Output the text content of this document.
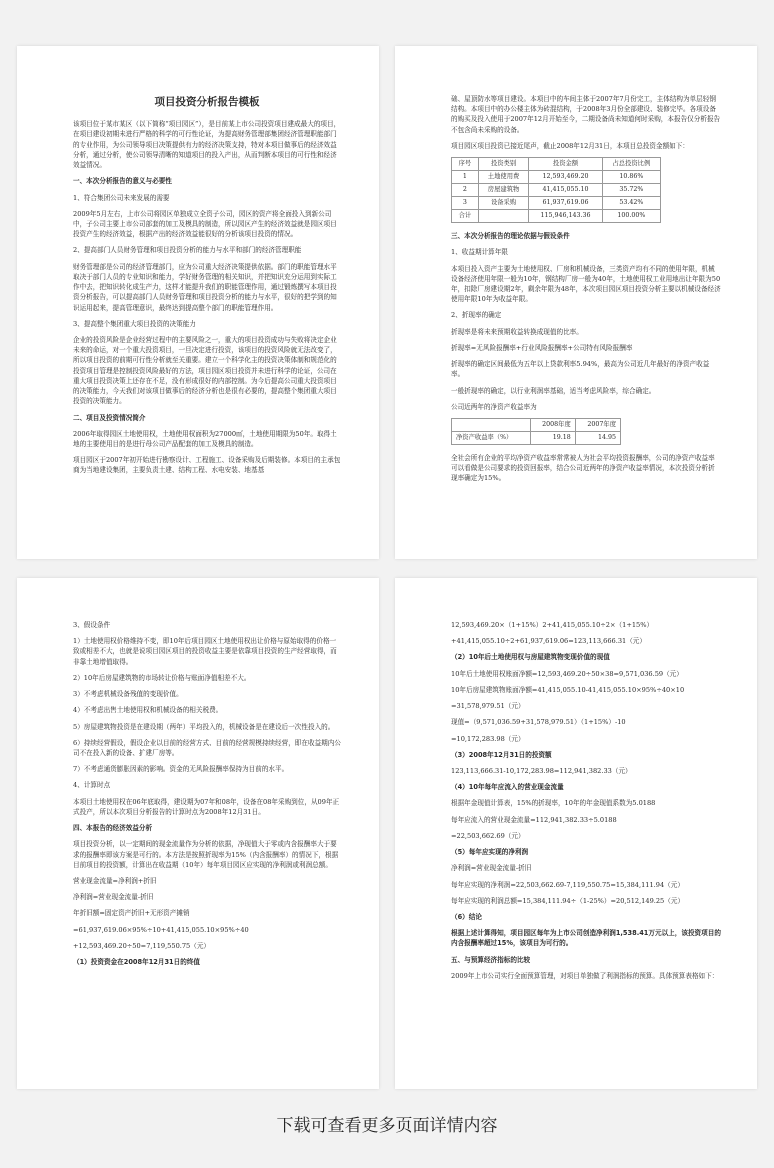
项目投资分析报告模板

该项目位于某市某区（以下简称“项目园区”），是目前某上市公司投资项目建成最大的项目，在项目建设初期未进行严格的科学的可行性论证，为提高财务管理部集团经济管理职能部门的专业作用，为公司领导项目决策提供有力的经济决策支持，特对本项目做事后的经济效益分析，通过分析，使公司领导清晰的知道项目的投入产出，从而判断本项目的可行性和经济效益情况。

一、本次分析报告的意义与必要性

1、符合集团公司未来发展的需要

2009年5月左右，上市公司将园区单独成立全资子公司，园区的资产将全面投入到新公司中，子公司主要上市公司部套的加工及模具的制造，所以园区产生的经济效益就是园区项目投资产生的经济效益，根据产出的经济效益能很好的分析该项目投资的情况。

2、提高部门人员财务管理和项目投资分析的能力与水平和部门的经济管理职能

财务管理部是公司的经济管理部门，应为公司重大经济决策提供依据。部门的职能管理水平取决于部门人员的专业知识和能力，学好财务管理的相关知识，并把知识充分运用到实际工作中去，把知识转化成生产力，这样才能提升我们的职能管理作用，通过锻炼撰写本项目投资分析报告，可以提高部门人员财务管理和项目投资分析的能力与水平，很好的把学到的知识运用起来，提高管理意识，最终达到提高整个部门的职能管理作用。

3、提高整个集团重大项目投资的决策能力

企业的投资风险是企业经营过程中的主要风险之一，重大的项目投资成功与失败将决定企业未来的命运，对一个重大投资项目，一旦决定进行投资，该项目的投资风险就无法改变了，所以项目投资的前期可行性分析就至关重要。建立一个科学化主的投资决策体制和规范化的投资项目管理是控制投资风险最好的方法，项目园区项目投资并未进行科学的论证，公司在重大项目投资决策上还存在不足，没有形成很好的内部控制。为今后提高公司重大投资项目的决策能力，今天我们对该项目做事后的经济分析也是很有必要的，提高整个集团重大项目投资的决策能力。

二、项目及投资情况简介

2006年取得园区土地使用权，土地使用权面积为27000㎡，土地使用期限为50年。取得土地的主要使用目的是进行母公司产品配套的加工及模具的制造。

项目园区于2007年初开始进行勘察设计、工程施工、设备采购及后期装修。本项目的主承包商为当地建设集团，主要负责土建、结构工程、水电安装、地基基

础、屋顶防水等项目建设。本项目中的车间主体于2007年7月份完工，主体结构为单层轻钢结构。本项目中的办公楼主体为砖混结构，于2008年3月份全部建设、装修完毕。各项设备的购买及投入使用于2007年12月开始至今，二期设备尚未知道何时采购，本报告仅分析报告不包含尚未采购的设备。

项目园区项目投资已接近尾声，截止2008年12月31日，本项目总投资金额如下：

序号	投资类别	投资金额	占总投资比例
1	土地使用费	12,593,469.20	10.86%
2	房屋建筑物	41,415,055.10	35.72%
3	设备采购	61,937,619.06	53.42%
合计		115,946,143.36	100.00%
三、本次分析报告的理论依据与假设条件

1、收益期计算年限

本项目投入资产主要为土地使用权、厂房和机械设备，三类资产均有不同的使用年限，机械设备经济使用年限一般为10年，钢结构厂房一般为40年，土地使用权工业用地出让年限为50年，扣除厂房建设期2年，剩余年限为48年，本次项目园区项目投资分析主要以机械设备经济使用年限10年为收益年限。

2、折现率的确定

折现率是将未来预期收益转换成现值的比率。

折现率=无风险报酬率+行业风险报酬率+公司特有风险报酬率

折现率的确定区间最低为五年以上贷款利率5.94%，最高为公司近几年最好的净资产收益率。

一般折现率的确定，以行业利润率基础，适当考虑风险率，综合确定。

公司近两年的净资产收益率为

	2008年度	2007年度
净资产收益率（%）	19.18	14.95

全社会所有企业的平均净资产收益率常常被人为社会平均投资报酬率，公司的净资产收益率可以看做是公司要求的投资回报率，结合公司近两年的净资产收益率情况，本次投资分析折现率确定为15%。

3、假设条件

1）土地使用权价格维持不变，即10年后项目园区土地使用权出让价格与原始取得的价格一致或相差不大，也就是说项目园区项目的投资收益主要是依靠项目投资的生产经营取得，而非靠土地增值取得。

2）10年后房屋建筑物的市场转让价格与账面净值相差不大。

3）不考虑机械设备残值的变现价值。

4）不考虑出售土地使用权和机械设备的相关税费。

5）房屋建筑物投资是在建设期（两年）平均投入的，机械设备是在建设后一次性投入的。

6）持续经营假设，假设企业以目前的经营方式、目前的经营规模持续经营，即在收益期内公司不在投入新的设备、扩建厂房等。

7）不考虑通货膨胀因素的影响。资金的无风险报酬率保持为目前的水平。

4、计算时点

本项目土地使用权在06年底取得，建设期为07年和08年，设备在08年采购到位，从09年正式投产，所以本次项目分析报告的计算时点为2008年12月31日。

四、本报告的经济效益分析

项目投资分析，以一定期间的现金流量作为分析的依据，净现值大于零或内含报酬率大于要求的报酬率即该方案是可行的。本方法是按照折现率为15%（内含报酬率）的情况下，根据目前项目的投资额，计算出在收益期（10年）每年项目园区应实现的净利润或利润总额。

营业现金流量=净利润+折旧

净利润=营业现金流量-折旧

年折旧额=固定资产折旧+无形资产摊销

=61,937,619.06×95%÷10+41,415,055.10×95%÷40

+12,593,469.20÷50=7,119,550.75（元）

（1）投资资金在2008年12月31日的终值

12,593,469.20×（1+15%）2+41,415,055.10÷2×（1+15%）

+41,415,055.10÷2+61,937,619.06=123,113,666.31（元）

（2）10年后土地使用权与房屋建筑物变现价值的现值

10年后土地使用权账面净额=12,593,469.20÷50×38=9,571,036.59（元）

10年后房屋建筑物账面净额=41,415,055.10-41,415,055.10×95%÷40×10

=31,578,979.51（元）

现值=（9,571,036.59+31,578,979.51）（1+15%）-10

=10,172,283.98（元）

（3）2008年12月31日的投资额

123,113,666.31-10,172,283.98=112,941,382.33（元）

（4）10年每年应流入的营业现金流量

根据年金现值计算表，15%的折现率，10年的年金现值系数为5.0188

每年应流入的营业现金流量=112,941,382.33÷5.0188

=22,503,662.69（元）

（5）每年应实现的净利润

净利润=营业现金流量-折旧

每年应实现的净利润=22,503,662.69-7,119,550.75=15,384,111.94（元）

每年应实现的利润总额=15,384,111.94÷（1-25%）=20,512,149.25（元）

（6）结论

根据上述计算得知，项目园区每年为上市公司创造净利润1,538.41万元以上，该投资项目的内含报酬率超过15%，该项目为可行的。

五、与预算经济指标的比较

2009年上市公司实行全面预算管理，对项目单独做了利润指标的预算。具体预算表格如下：

下载可查看更多页面详情内容
